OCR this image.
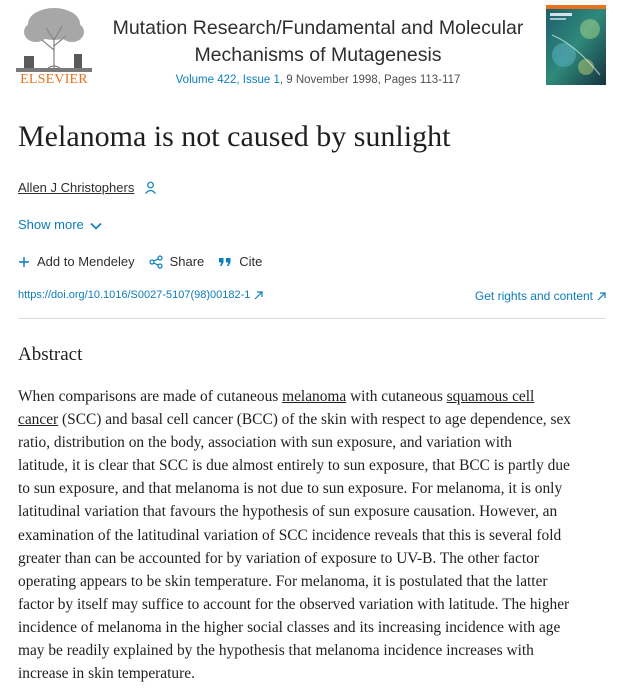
ELSEVIER
Mutation Research/Fundamental and Molecular
Mechanisms of Mutagenesis
Volume 422, Issue 1, 9 November 1998, Pages 113-117
Melanoma is not caused by sunlight
Allen J Christophers
Show more
Add to Mendeley	Share	Cite
https://doi.org/10.1016/S0027-5107(98)00182-1	Get rights and content
Abstract
When comparisons are made of cutaneous melanoma with cutaneous squamous cell
cancer (SCC) and basal cell cancer (BCC) of the skin with respect to age dependence, sex
ratio, distribution on the body, association with sun exposure, and variation with
latitude, it is clear that SCC is due almost entirely to sun exposure, that BCC is partly due
to sun exposure, and that melanoma is not due to sun exposure. For melanoma, it is only
latitudinal variation that favours the hypothesis of sun exposure causation. However, an
examination of the latitudinal variation of SCC incidence reveals that this is several fold
greater than can be accounted for by variation of exposure to UV-B. The other factor
operating appears to be skin temperature. For melanoma, it is postulated that the latter
factor by itself may suffice to account for the observed variation with latitude. The higher
incidence of melanoma in the higher social classes and its increasing incidence with age
may be readily explained by the hypothesis that melanoma incidence increases with
increase in skin temperature.
